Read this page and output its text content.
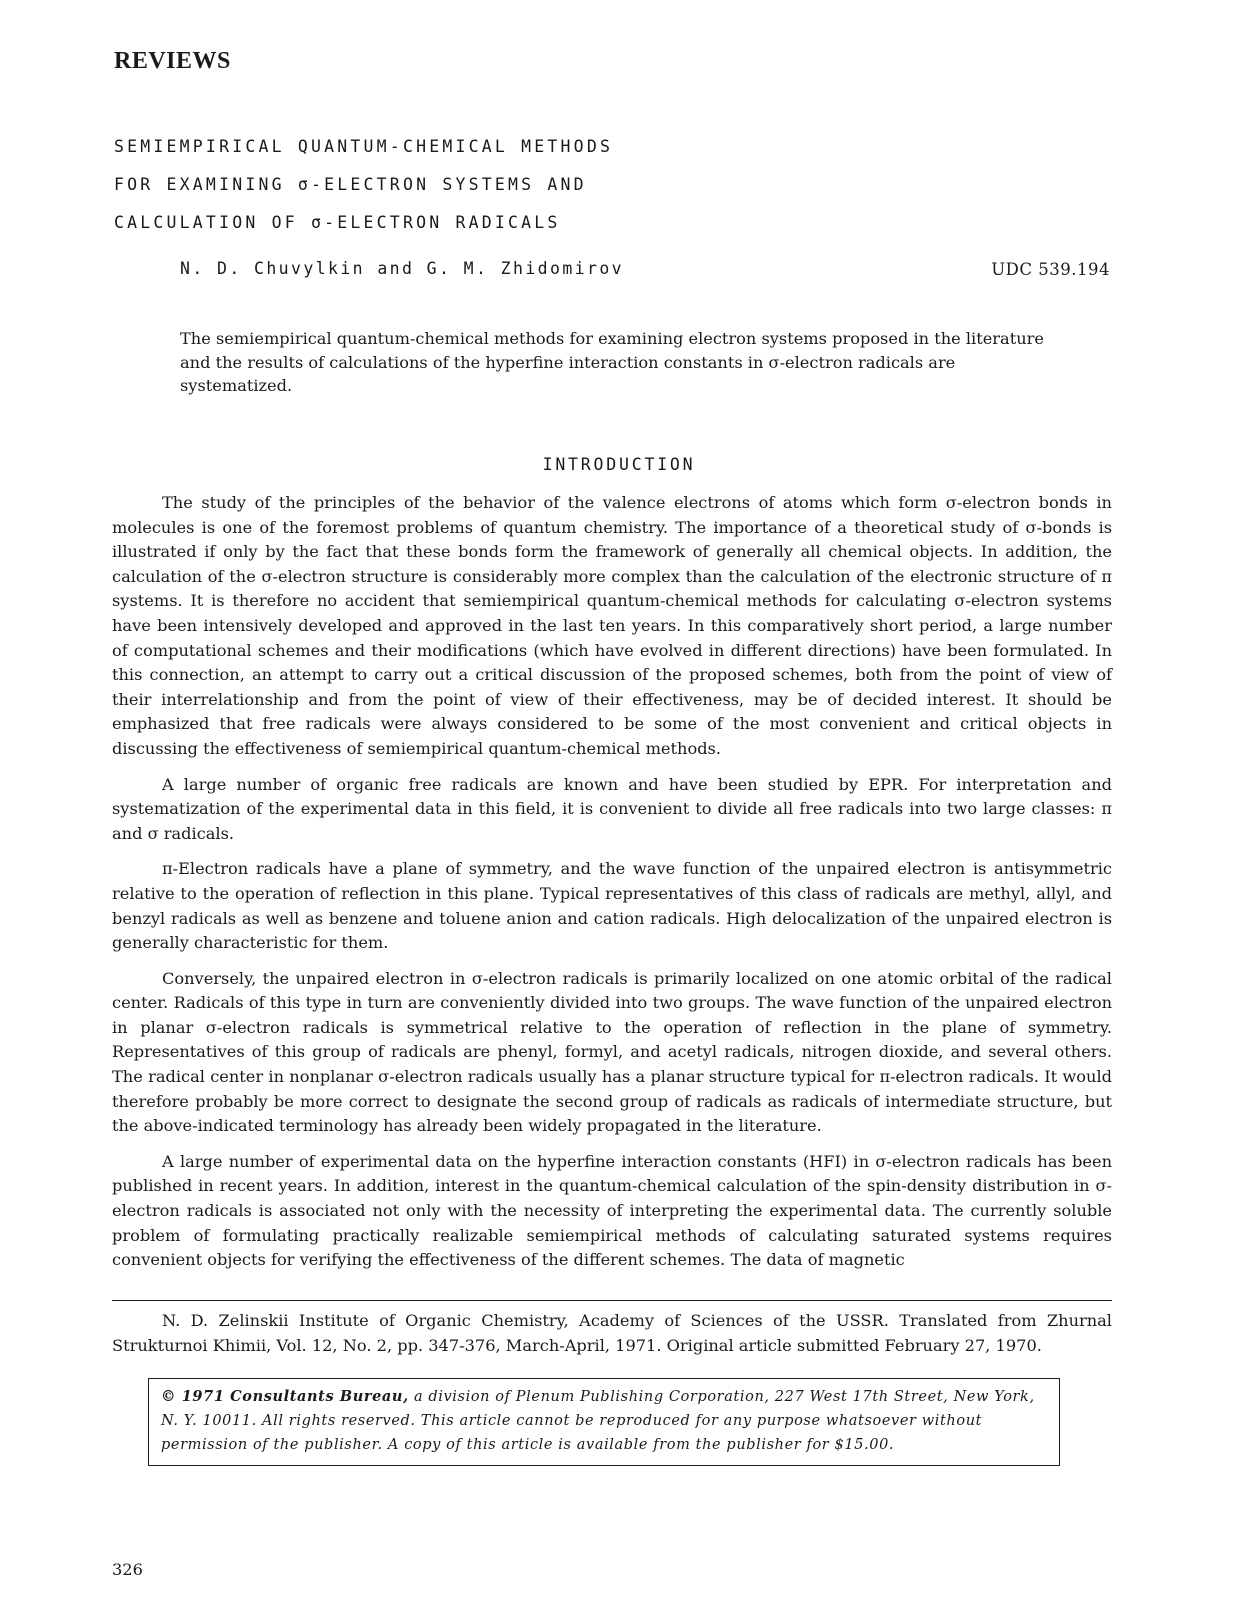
REVIEWS
SEMIEMPIRICAL QUANTUM-CHEMICAL METHODS
FOR EXAMINING σ-ELECTRON SYSTEMS AND
CALCULATION OF σ-ELECTRON RADICALS
N. D. Chuvylkin and G. M. Zhidomirov	UDC 539.194

The semiempirical quantum-chemical methods for examining electron systems proposed in the literature and the results of calculations of the hyperfine interaction constants in σ-electron radicals are systematized.

INTRODUCTION

The study of the principles of the behavior of the valence electrons of atoms which form σ-electron bonds in molecules is one of the foremost problems of quantum chemistry. The importance of a theoretical study of σ-bonds is illustrated if only by the fact that these bonds form the framework of generally all chemical objects. In addition, the calculation of the σ-electron structure is considerably more complex than the calculation of the electronic structure of π systems. It is therefore no accident that semiempirical quantum-chemical methods for calculating σ-electron systems have been intensively developed and approved in the last ten years. In this comparatively short period, a large number of computational schemes and their modifications (which have evolved in different directions) have been formulated. In this connection, an attempt to carry out a critical discussion of the proposed schemes, both from the point of view of their interrelationship and from the point of view of their effectiveness, may be of decided interest. It should be emphasized that free radicals were always considered to be some of the most convenient and critical objects in discussing the effectiveness of semiempirical quantum-chemical methods.

A large number of organic free radicals are known and have been studied by EPR. For interpretation and systematization of the experimental data in this field, it is convenient to divide all free radicals into two large classes: π and σ radicals.

π-Electron radicals have a plane of symmetry, and the wave function of the unpaired electron is antisymmetric relative to the operation of reflection in this plane. Typical representatives of this class of radicals are methyl, allyl, and benzyl radicals as well as benzene and toluene anion and cation radicals. High delocalization of the unpaired electron is generally characteristic for them.

Conversely, the unpaired electron in σ-electron radicals is primarily localized on one atomic orbital of the radical center. Radicals of this type in turn are conveniently divided into two groups. The wave function of the unpaired electron in planar σ-electron radicals is symmetrical relative to the operation of reflection in the plane of symmetry. Representatives of this group of radicals are phenyl, formyl, and acetyl radicals, nitrogen dioxide, and several others. The radical center in nonplanar σ-electron radicals usually has a planar structure typical for π-electron radicals. It would therefore probably be more correct to designate the second group of radicals as radicals of intermediate structure, but the above-indicated terminology has already been widely propagated in the literature.

A large number of experimental data on the hyperfine interaction constants (HFI) in σ-electron radicals has been published in recent years. In addition, interest in the quantum-chemical calculation of the spin-density distribution in σ-electron radicals is associated not only with the necessity of interpreting the experimental data. The currently soluble problem of formulating practically realizable semiempirical methods of calculating saturated systems requires convenient objects for verifying the effectiveness of the different schemes. The data of magnetic

N. D. Zelinskii Institute of Organic Chemistry, Academy of Sciences of the USSR. Translated from Zhurnal Strukturnoi Khimii, Vol. 12, No. 2, pp. 347-376, March-April, 1971. Original article submitted February 27, 1970.

© 1971 Consultants Bureau, a division of Plenum Publishing Corporation, 227 West 17th Street, New York, N. Y. 10011. All rights reserved. This article cannot be reproduced for any purpose whatsoever without permission of the publisher. A copy of this article is available from the publisher for $15.00.
326
